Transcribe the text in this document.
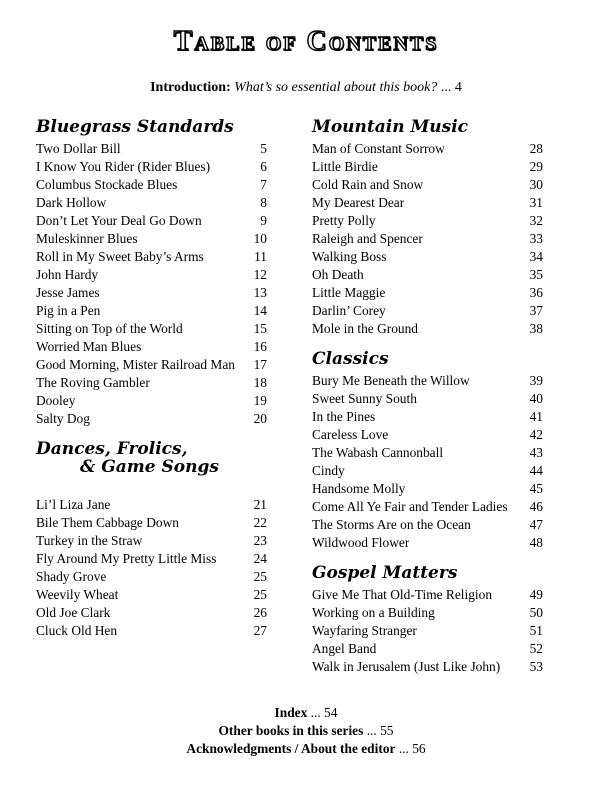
Table of Contents
Introduction: What’s so essential about this book? ... 4
Bluegrass Standards
Two Dollar Bill	5
I Know You Rider (Rider Blues)	6
Columbus Stockade Blues	7
Dark Hollow	8
Don’t Let Your Deal Go Down	9
Muleskinner Blues	10
Roll in My Sweet Baby’s Arms	11
John Hardy	12
Jesse James	13
Pig in a Pen	14
Sitting on Top of the World	15
Worried Man Blues	16
Good Morning, Mister Railroad Man	17
The Roving Gambler	18
Dooley	19
Salty Dog	20
Dances, Frolics,
& Game Songs
Li’l Liza Jane	21
Bile Them Cabbage Down	22
Turkey in the Straw	23
Fly Around My Pretty Little Miss	24
Shady Grove	25
Weevily Wheat	25
Old Joe Clark	26
Cluck Old Hen	27
Mountain Music
Man of Constant Sorrow	28
Little Birdie	29
Cold Rain and Snow	30
My Dearest Dear	31
Pretty Polly	32
Raleigh and Spencer	33
Walking Boss	34
Oh Death	35
Little Maggie	36
Darlin’ Corey	37
Mole in the Ground	38
Classics
Bury Me Beneath the Willow	39
Sweet Sunny South	40
In the Pines	41
Careless Love	42
The Wabash Cannonball	43
Cindy	44
Handsome Molly	45
Come All Ye Fair and Tender Ladies	46
The Storms Are on the Ocean	47
Wildwood Flower	48
Gospel Matters
Give Me That Old-Time Religion	49
Working on a Building	50
Wayfaring Stranger	51
Angel Band	52
Walk in Jerusalem (Just Like John)	53
Index ... 54
Other books in this series ... 55
Acknowledgments / About the editor ... 56
